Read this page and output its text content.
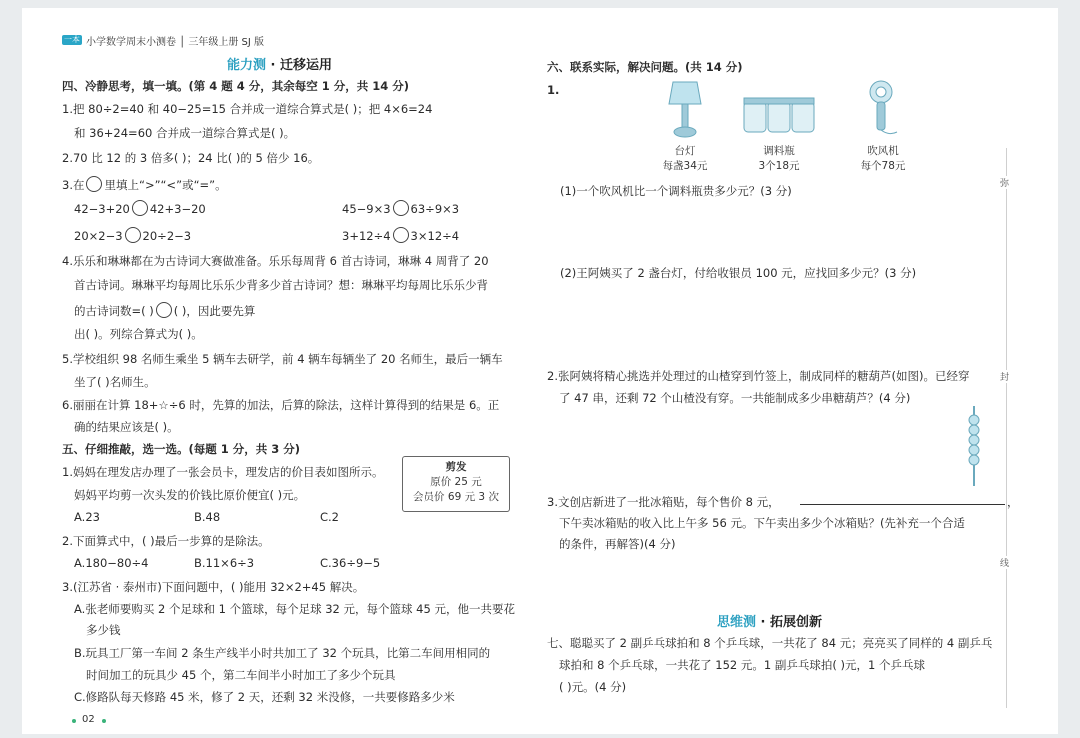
一本 小学数学周末小测卷 │ 三年级上册 SJ 版
能力测 · 迁移运用
四、冷静思考，填一填。(第 4 题 4 分，其余每空 1 分，共 14 分)
1.把 80÷2=40 和 40−25=15 合并成一道综合算式是( )；把 4×6=24
和 36+24=60 合并成一道综合算式是( )。
2.70 比 12 的 3 倍多( )；24 比( )的 5 倍少 16。
3.在 里填上“>”“<”或“=”。
42−3+20 42+3−20	45−9×3 63÷9×3
20×2−3 20÷2−3	3+12÷4 3×12÷4
4.乐乐和琳琳都在为古诗词大赛做准备。乐乐每周背 6 首古诗词，琳琳 4 周背了 20
首古诗词。琳琳平均每周比乐乐少背多少首古诗词？想：琳琳平均每周比乐乐少背
的古诗词数=( ) ( )，因此要先算
出( )。列综合算式为( )。
5.学校组织 98 名师生乘坐 5 辆车去研学，前 4 辆车每辆坐了 20 名师生，最后一辆车
坐了( )名师生。
6.丽丽在计算 18+☆÷6 时，先算的加法，后算的除法，这样计算得到的结果是 6。正
确的结果应该是( )。
五、仔细推敲，选一选。(每题 1 分，共 3 分)
1.妈妈在理发店办理了一张会员卡，理发店的价目表如图所示。
妈妈平均剪一次头发的价钱比原价便宜( )元。
A.23	B.48	C.2
剪发
原价 25 元
会员价 69 元 3 次
2.下面算式中，( )最后一步算的是除法。
A.180−80÷4	B.11×6÷3	C.36÷9−5
3.(江苏省 · 泰州市)下面问题中，( )能用 32×2+45 解决。
A.张老师要购买 2 个足球和 1 个篮球，每个足球 32 元，每个篮球 45 元，他一共要花
多少钱
B.玩具工厂第一车间 2 条生产线半小时共加工了 32 个玩具，比第二车间用相同的
时间加工的玩具少 45 个，第二车间半小时加工了多少个玩具
C.修路队每天修路 45 米，修了 2 天，还剩 32 米没修，一共要修路多少米
02
六、联系实际，解决问题。(共 14 分)
1.
台灯
每盏34元
调料瓶
3个18元
吹风机
每个78元
(1)一个吹风机比一个调料瓶贵多少元？(3 分)
(2)王阿姨买了 2 盏台灯，付给收银员 100 元，应找回多少元？(3 分)
2.张阿姨将精心挑选并处理过的山楂穿到竹签上，制成同样的糖葫芦(如图)。已经穿
了 47 串，还剩 72 个山楂没有穿。一共能制成多少串糖葫芦？(4 分)
3.文创店新进了一批冰箱贴，每个售价 8 元，	，
下午卖冰箱贴的收入比上午多 56 元。下午卖出多少个冰箱贴？(先补充一个合适
的条件，再解答)(4 分)
思维测 · 拓展创新
七、聪聪买了 2 副乒乓球拍和 8 个乒乓球，一共花了 84 元；亮亮买了同样的 4 副乒乓
球拍和 8 个乒乓球，一共花了 152 元。1 副乒乓球拍( )元，1 个乒乓球
( )元。(4 分)
弥
封
线
